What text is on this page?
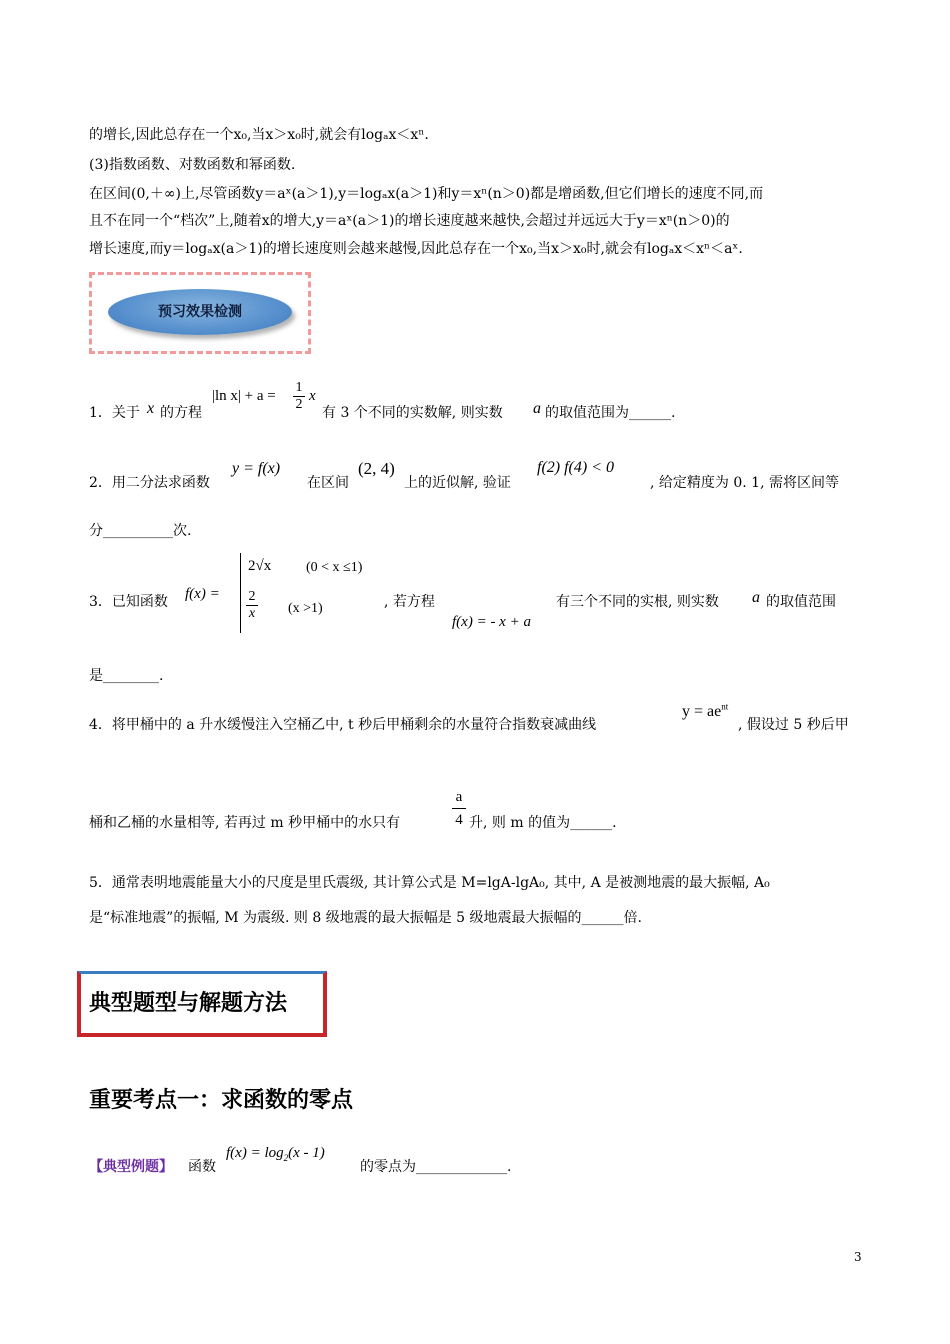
的增长,因此总存在一个x₀,当x＞x₀时,就会有logₐx＜xⁿ.
(3)指数函数、对数函数和幂函数.
在区间(0,＋∞)上,尽管函数y＝aˣ(a＞1),y＝logₐx(a＞1)和y＝xⁿ(n＞0)都是增函数,但它们增长的速度不同,而
且不在同一个“档次”上,随着x的增大,y＝aˣ(a＞1)的增长速度越来越快,会超过并远远大于y＝xⁿ(n＞0)的
增长速度,而y＝logₐx(a＞1)的增长速度则会越来越慢,因此总存在一个x₀,当x＞x₀时,就会有logₐx＜xⁿ＜aˣ.
预习效果检测
1．关于 x 的方程
|ln $x| + a = \frac{1}{2}$ x
有 3 个不同的实数解, 则实数 a 的取值范围为______.
2．用二分法求函数
y = f(x)
在区间
(2, 4)
上的近似解, 验证
f(2) f(4) < 0
, 给定精度为 0. 1, 需将区间等
分__________次.
3．已知函数 f(x) =
2√x (0 < x ≤1)
$\frac{2}{x} (x >1)$	, 若方程
f(x) = - x + a
有三个不同的实根, 则实数 a 的取值范围
是________.
4．将甲桶中的 a 升水缓慢注入空桶乙中, t 秒后甲桶剩余的水量符合指数衰减曲线
$y = ae^{nt}$
, 假设过 5 秒后甲
$\frac{a}{4}$
桶和乙桶的水量相等, 若再过 m 秒甲桶中的水只有	升, 则 m 的值为______.
5．通常表明地震能量大小的尺度是里氏震级, 其计算公式是 M=lgA-lgA₀, 其中, A 是被测地震的最大振幅, A₀
是“标准地震”的振幅, M 为震级. 则 8 级地震的最大振幅是 5 级地震最大振幅的______倍.
典型题型与解题方法
重要考点一：求函数的零点
【典型例题】 函数
$f(x) = \log_2(x - 1)$
的零点为_____________.
3
